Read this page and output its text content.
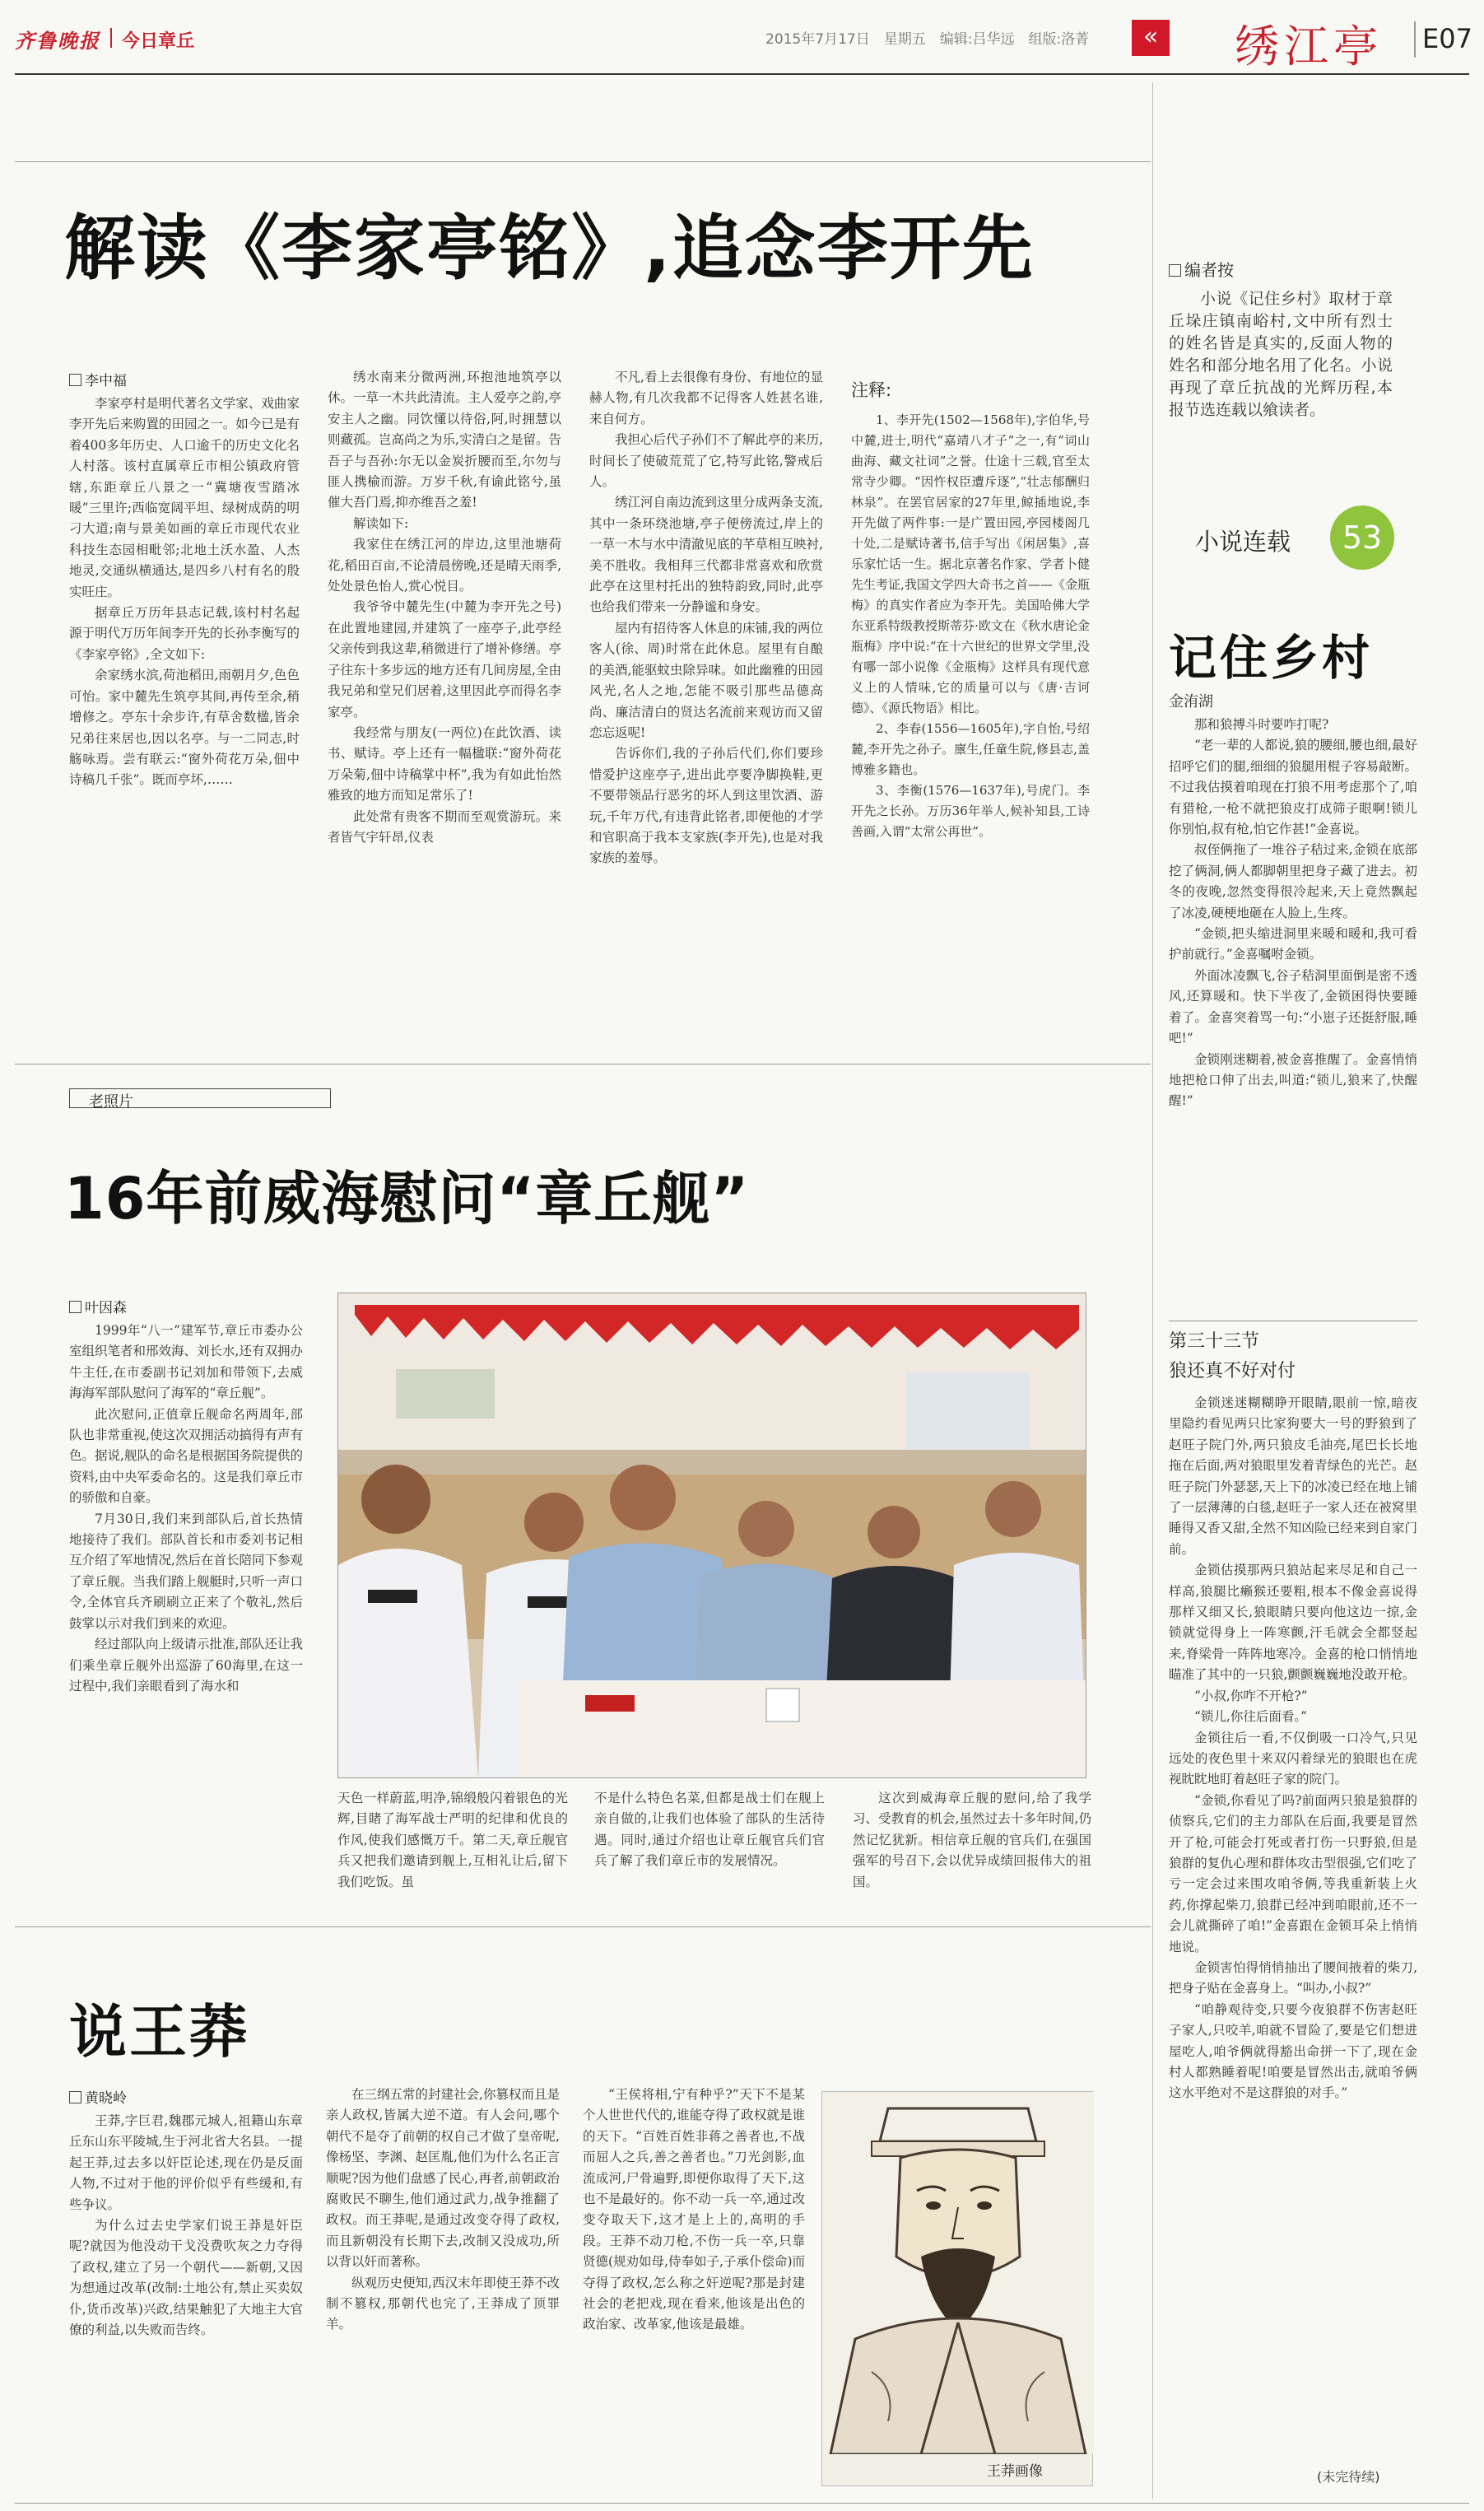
齐鲁晚报 今日章丘	2015年7月17日　星期五　编辑:吕华远　组版:洛菁	« 绣江亭 E07
解读《李家亭铭》,追念李开先
李中福

李家亭村是明代著名文学家、戏曲家李开先后来购置的田园之一。如今已是有着400多年历史、人口逾千的历史文化名人村落。该村直属章丘市相公镇政府管辖,东距章丘八景之一“冀塘夜雪踏冰暖”三里许;西临宽阔平坦、绿树成荫的明刁大道;南与景美如画的章丘市现代农业科技生态园相毗邻;北地土沃水盈、人杰地灵,交通纵横通达,是四乡八村有名的殷实旺庄。

据章丘万历年县志记载,该村村名起源于明代万历年间李开先的长孙李衡写的《李家亭铭》,全文如下:

余家绣水滨,荷池稻田,雨朝月夕,色色可怡。家中麓先生筑亭其间,再传至余,稍增修之。亭东十余步许,有草舍数楹,皆余兄弟往来居也,因以名亭。与一二同志,时觞咏焉。尝有联云:“窗外荷花万朵,佃中诗稿几千张”。既而亭坏,……

绣水南来分微两洲,环抱池地筑亭以休。一草一木共此清流。主人爱亭之韵,亭安主人之幽。同饮懂以待俗,阿,时拥慧以则藏孤。岂高尚之为乐,实清白之是留。告吾子与吾孙:尔无以金炭折腰而至,尔勿与匪人携榆而游。万岁千秋,有谕此铭兮,虽催大吾门焉,抑亦维吾之羞!

解读如下:

我家住在绣江河的岸边,这里池塘荷花,稻田百亩,不论清晨傍晚,还是晴天雨季,处处景色怡人,赏心悦目。

我爷爷中麓先生(中麓为李开先之号)在此置地建园,并建筑了一座亭子,此亭经父亲传到我这辈,稍微进行了增补修缮。亭子往东十多步远的地方还有几间房屋,全由我兄弟和堂兄们居着,这里因此亭而得名李家亭。

我经常与朋友(一两位)在此饮酒、读书、赋诗。亭上还有一幅楹联:“窗外荷花万朵菊,佃中诗稿掌中杯”,我为有如此怡然雅致的地方而知足常乐了!

此处常有贵客不期而至观赏游玩。来者皆气宇轩昂,仪表

不凡,看上去很像有身份、有地位的显赫人物,有几次我都不记得客人姓甚名谁,来自何方。

我担心后代子孙们不了解此亭的来历,时间长了使破荒荒了它,特写此铭,警戒后人。

绣江河自南边流到这里分成两条支流,其中一条环绕池塘,亭子便傍流过,岸上的一草一木与水中清澈见底的芊草相互映衬,美不胜收。我相拜三代都非常喜欢和欣赏此亭在这里村托出的独特韵致,同时,此亭也给我们带来一分静谧和身安。

屋内有招待客人休息的床铺,我的两位客人(徐、周)时常在此休息。屋里有自酿的美酒,能驱蚊虫除异味。如此幽雅的田园风光,名人之地,怎能不吸引那些品德高尚、廉洁清白的贤达名流前来观访而又留恋忘返呢!

告诉你们,我的子孙后代们,你们要珍惜爱护这座亭子,进出此亭要净脚换鞋,更不要带领品行恶劣的坏人到这里饮酒、游玩,千年万代,有违背此铭者,即便他的才学和官职高于我本支家族(李开先),也是对我家族的羞辱。

注释:

1、李开先(1502—1568年),字伯华,号中麓,进士,明代“嘉靖八才子”之一,有“词山曲海、藏文社词”之誉。仕途十三载,官至太常寺少卿。“因忤权臣遭斥逐”,“壮志郁酬归林泉”。在罢官居家的27年里,鲸插地说,李开先做了两件事:一是广置田园,亭园楼阁几十处,二是赋诗著书,信手写出《闲居集》,喜乐家忙话一生。据北京著名作家、学者卜健先生考证,我国文学四大奇书之首——《金瓶梅》的真实作者应为李开先。美国哈佛大学东亚系特级教授斯蒂芬·欧文在《秋水唐论金瓶梅》序中说:“在十六世纪的世界文学里,没有哪一部小说像《金瓶梅》这样具有现代意义上的人情味,它的质量可以与《唐·吉诃德》、《源氏物语》相比。

2、李春(1556—1605年),字自怡,号绍麓,李开先之孙子。廪生,任童生院,修县志,盖博雅多籍也。

3、李衡(1576—1637年),号虎门。李开先之长孙。万历36年举人,候补知县,工诗善画,入谓“太常公再世”。

编者按
小说《记住乡村》取材于章丘垛庄镇南峪村,文中所有烈士的姓名皆是真实的,反面人物的姓名和部分地名用了化名。小说再现了章丘抗战的光辉历程,本报节选连载以飨读者。
小说连载	53
记住乡村
金洧湖

那和狼搏斗时要咋打呢?

“老一辈的人都说,狼的腰细,腰也细,最好招呼它们的腿,细细的狼腿用棍子容易敲断。不过我估摸着咱现在打狼不用考虑那个了,咱有猎枪,一枪不就把狼皮打成筛子眼啊!锁儿你别怕,叔有枪,怕它作甚!”金喜说。

叔侄俩拖了一堆谷子秸过来,金锁在底部挖了俩洞,俩人都脚朝里把身子藏了进去。初冬的夜晚,忽然变得很冷起来,天上竟然飘起了冰凌,硬梗地砸在人脸上,生疼。

“金锁,把头缩进洞里来暖和暖和,我可看护前就行。”金喜嘱咐金锁。

外面冰凌飘飞,谷子秸洞里面倒是密不透风,还算暖和。快下半夜了,金锁困得快要睡着了。金喜突着骂一句:“小崽子还挺舒服,睡吧!”

金锁刚迷糊着,被金喜推醒了。金喜悄悄地把枪口伸了出去,叫道:“锁儿,狼来了,快醒醒!”

第三十三节
狼还真不好对付

金锁迷迷糊糊睁开眼睛,眼前一惊,暗夜里隐约看见两只比家狗要大一号的野狼到了赵旺子院门外,两只狼皮毛油亮,尾巴长长地拖在后面,两对狼眼里发着青绿色的光芒。赵旺子院门外瑟瑟,天上下的冰凌已经在地上铺了一层薄薄的白毯,赵旺子一家人还在被窝里睡得又香又甜,全然不知凶险已经来到自家门前。

金锁估摸那两只狼站起来尽足和自己一样高,狼腿比癞猴还要粗,根本不像金喜说得那样又细又长,狼眼睛只要向他这边一掠,金锁就觉得身上一阵寒颤,汗毛就会全都竖起来,脊梁骨一阵阵地寒冷。金喜的枪口悄悄地瞄准了其中的一只狼,颤颤巍巍地没敢开枪。

“小叔,你咋不开枪?”

“锁儿,你往后面看。”

金锁往后一看,不仅倒吸一口冷气,只见远处的夜色里十来双闪着绿光的狼眼也在虎视眈眈地盯着赵旺子家的院门。

“金锁,你看见了吗?前面两只狼是狼群的侦察兵,它们的主力部队在后面,我要是冒然开了枪,可能会打死或者打伤一只野狼,但是狼群的复仇心理和群体攻击型很强,它们吃了亏一定会过来围攻咱爷俩,等我重新装上火药,你撑起柴刀,狼群已经冲到咱眼前,还不一会儿就撕碎了咱!”金喜跟在金锁耳朵上悄悄地说。

金锁害怕得悄悄抽出了腰间掖着的柴刀,把身子贴在金喜身上。“叫办,小叔?”

“咱静观待变,只要今夜狼群不伤害赵旺子家人,只咬羊,咱就不冒险了,要是它们想进屋吃人,咱爷俩就得豁出命拼一下了,现在金村人都熟睡着呢!咱要是冒然出击,就咱爷俩这水平绝对不是这群狼的对手。”

(未完待续)
老照片
16年前威海慰问“章丘舰”
叶因森

1999年“八一”建军节,章丘市委办公室组织笔者和邢效海、刘长水,还有双拥办牛主任,在市委副书记刘加和带领下,去威海海军部队慰问了海军的“章丘舰”。

此次慰问,正值章丘舰命名两周年,部队也非常重视,使这次双拥活动搞得有声有色。据说,舰队的命名是根据国务院提供的资料,由中央军委命名的。这是我们章丘市的骄傲和自豪。

7月30日,我们来到部队后,首长热情地接待了我们。部队首长和市委刘书记相互介绍了军地情况,然后在首长陪同下参观了章丘舰。当我们踏上舰艇时,只听一声口令,全体官兵齐刷刷立正来了个敬礼,然后鼓掌以示对我们到来的欢迎。

经过部队向上级请示批准,部队还让我们乘坐章丘舰外出巡游了60海里,在这一过程中,我们亲眼看到了海水和

天色一样蔚蓝,明净,锦缎般闪着银色的光辉,目睹了海军战士严明的纪律和优良的作风,使我们感慨万千。第二天,章丘舰官兵又把我们邀请到舰上,互相礼让后,留下我们吃饭。虽

不是什么特色名菜,但都是战士们在舰上亲自做的,让我们也体验了部队的生活待遇。同时,通过介绍也让章丘舰官兵们官兵了解了我们章丘市的发展情况。

这次到威海章丘舰的慰问,给了我学习、受教育的机会,虽然过去十多年时间,仍然记忆犹新。相信章丘舰的官兵们,在强国强军的号召下,会以优异成绩回报伟大的祖国。

说王莽
黄晓岭

王莽,字巨君,魏郡元城人,祖籍山东章丘东山东平陵城,生于河北省大名县。一提起王莽,过去多以奸臣论述,现在仍是反面人物,不过对于他的评价似乎有些缓和,有些争议。

为什么过去史学家们说王莽是奸臣呢?就因为他没动干戈没费吹灰之力夺得了政权,建立了另一个朝代——新朝,又因为想通过改革(改制:土地公有,禁止买卖奴仆,货币改革)兴政,结果触犯了大地主大官僚的利益,以失败而告终。

在三纲五常的封建社会,你篡权而且是亲人政权,皆属大逆不道。有人会问,哪个朝代不是夺了前朝的权自己才做了皇帝呢,像杨坚、李渊、赵匡胤,他们为什么名正言顺呢?因为他们盘感了民心,再者,前朝政治腐败民不聊生,他们通过武力,战争推翻了政权。而王莽呢,是通过改变夺得了政权,而且新朝没有长期下去,改制又没成功,所以背以奸而著称。

纵观历史便知,西汉末年即使王莽不改制不篡权,那朝代也完了,王莽成了顶罪羊。

“王侯将相,宁有种乎?”天下不是某个人世世代代的,谁能夺得了政权就是谁的天下。“百姓百姓非蒋之善者也,不战而屈人之兵,善之善者也。”刀光剑影,血流成河,尸骨遍野,即便你取得了天下,这也不是最好的。你不动一兵一卒,通过改变夺取天下,这才是上上的,高明的手段。王莽不动刀枪,不伤一兵一卒,只靠贤德(规劝如母,侍奉如子,子承仆偿命)而夺得了政权,怎么称之奸逆呢?那是封建社会的老把戏,现在看来,他该是出色的政治家、改革家,他该是最雄。

王莽画像
